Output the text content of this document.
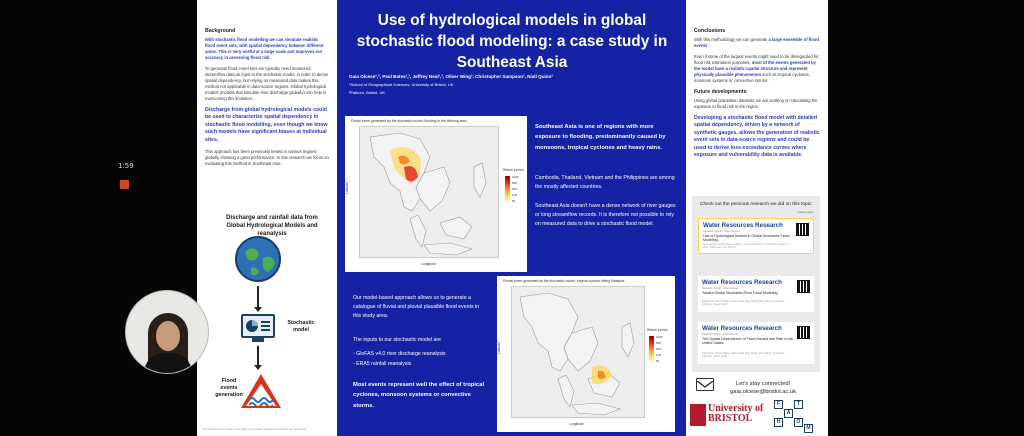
1:59
Background
With stochastic flood modelling we can simulate realistic flood event sets, with spatial dependency between different areas. This is very useful at a large scale and improves our accuracy in assessing flood risk.
To generate flood event sets we typically need measured streamflow data as input to the stochastic model, in order to derive spatial dependency, but relying on measured data makes this method not applicable in data-scarce regions. Global hydrological models (models that simulate river discharge globally) can help in overcoming this limitation.
Discharge from global hydrological models could be used to characterize spatial dependency in stochastic flood modelling, even though we know such models have significant biases at individual sites.
This approach has been previously tested in various regions globally showing a good performance. In this research we focus on evaluating this method in Southeast Asia.
Discharge and rainfall data from Global Hydrological Models and reanalysis
Stochastic model
Flood events generation
Fluvial and pluvial models in this study were partially developed at Fathom with global data
Use of hydrological models in global stochastic flood modeling: a case study in Southeast Asia
Gaia Olcese¹,², Paul Bates¹,², Jeffrey Neal¹,², Oliver Wing², Christopher Sampson², Niall Quinn²
¹School of Geographical Sciences, University of Bristol, UK
²Fathom, Bristol, UK
Fluvial event generated by the stochastic model: flooding in the Mekong area
Longitude
Latitude
Return period
1000
500
200
100
50
Southeast Asia is one of regions with more exposure to flooding, predominantly caused by monsoons, tropical cyclones and heavy rains.
Cambodia, Thailand, Vietnam and the Philippines are among the mostly affected countries.
Southeast Asia doesn't have a dense network of river gauges or long streamflow records. It is therefore not possible to rely on measured data to drive a stochastic flood model.
Our model-based approach allows us to generate a catalogue of fluvial and pluvial plausible flood events in this study area.
The inputs to our stochastic model are
- GloFAS v4.0 river discharge reanalysis
- ERA5 rainfall reanalysis
Most events represent well the effect of tropical cyclones, monsoon systems or convective storms.
Pluvial event generated by the stochastic model: tropical cyclone hitting Malaysia
Longitude
Latitude
Return period
1000
500
200
100
50
Conclusions
With this methodology we can generate a large ensemble of flood events
Even if some of the largest events might need to be disregarded for flood risk estimation purposes, most of the events generated by the model have a realistic spatial structure and represent physically plausible phenomenon such as tropical cyclones, monsoon systems or convective storms.
Future developments
Using global population datasets we are working on calculating the exposure to flood risk in the region.
Developing a stochastic flood model with detailed spatial dependency, driven by a network of synthetic gauges, allows the generation of realistic event sets in data-scarce regions and could be used to derive loss exceedance curves where exposure and vulnerability data is available.
Check out the previous research we did on this topic:
Latest paper
Water Resources Research
Research Article · Open Access
Use of Hydrological Models in Global Stochastic Flood Modeling
Gaia Olcese, Paul D. Bates, Jeffrey C. Neal, Christopher C. Sampson, Oliver E. J. Wing, Niall Quinn, Izzy Probyn
Water Resources Research
Research Article · Open Access
Toward Global Stochastic River Flood Modeling
Niall Quinn, Paul D. Bates, Jeffrey Neal, Andy Smith, Oliver Wing, Christopher Sampson, James Smith
Water Resources Research
Research Article · Open Access
The Spatial Dependence of Flood Hazard and Risk in the United States
Niall Quinn, Paul D. Bates, Jeffrey Neal, Andy Smith, Oliver Wing, Christopher Sampson, James Smith
Let's stay connected!
gaia.olcese@bristol.ac.uk
University of
BRISTOL
F
A
T
H	O
M
